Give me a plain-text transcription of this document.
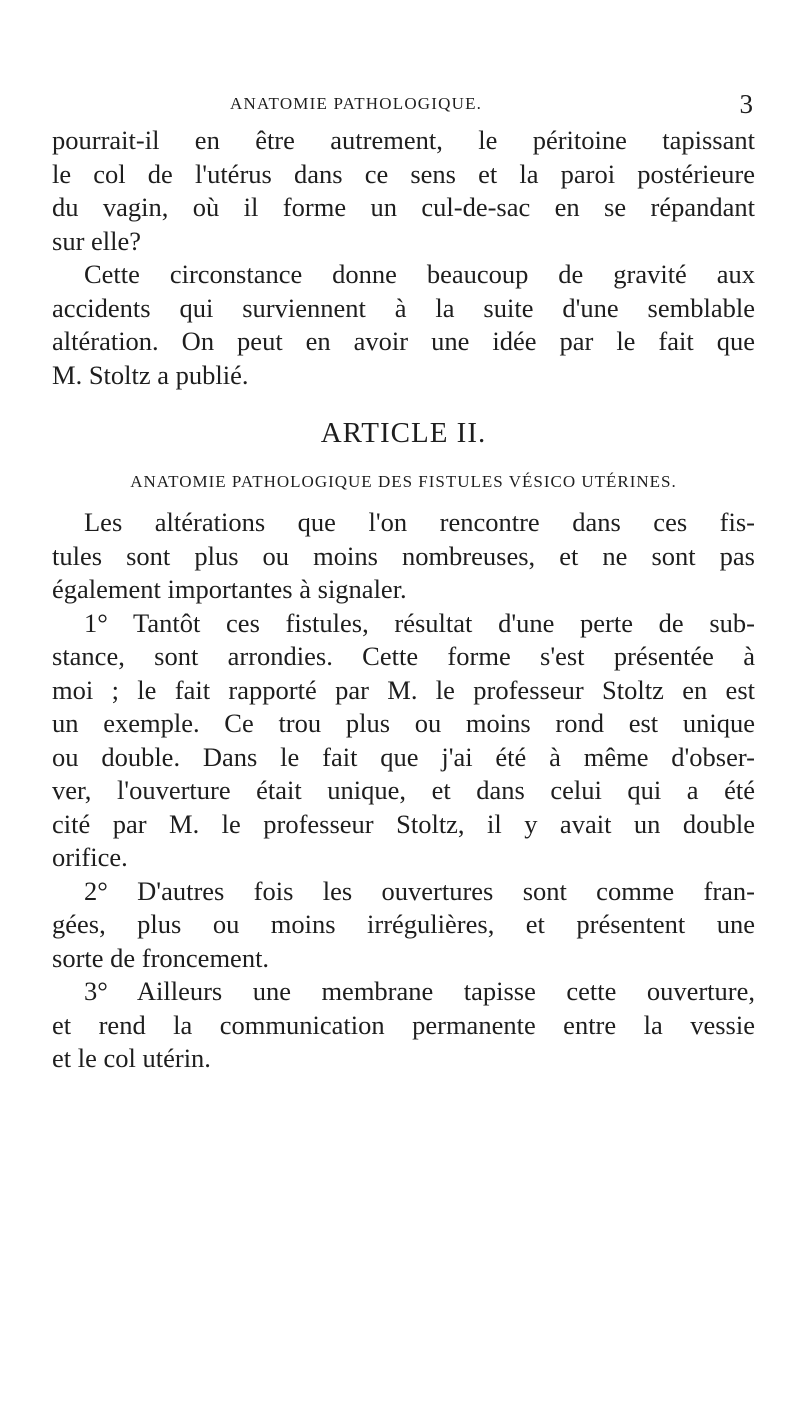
ANATOMIE PATHOLOGIQUE.	3
pourrait-il en être autrement, le péritoine tapissant
le col de l'utérus dans ce sens et la paroi postérieure
du vagin, où il forme un cul-de-sac en se répandant
sur elle?
Cette circonstance donne beaucoup de gravité aux
accidents qui surviennent à la suite d'une semblable
altération. On peut en avoir une idée par le fait que
M. Stoltz a publié.
ARTICLE II.
ANATOMIE PATHOLOGIQUE DES FISTULES VÉSICO UTÉRINES.
Les altérations que l'on rencontre dans ces fis-
tules sont plus ou moins nombreuses, et ne sont pas
également importantes à signaler.
1° Tantôt ces fistules, résultat d'une perte de sub-
stance, sont arrondies. Cette forme s'est présentée à
moi ; le fait rapporté par M. le professeur Stoltz en est
un exemple. Ce trou plus ou moins rond est unique
ou double. Dans le fait que j'ai été à même d'obser-
ver, l'ouverture était unique, et dans celui qui a été
cité par M. le professeur Stoltz, il y avait un double
orifice.
2° D'autres fois les ouvertures sont comme fran-
gées, plus ou moins irrégulières, et présentent une
sorte de froncement.
3° Ailleurs une membrane tapisse cette ouverture,
et rend la communication permanente entre la vessie
et le col utérin.
